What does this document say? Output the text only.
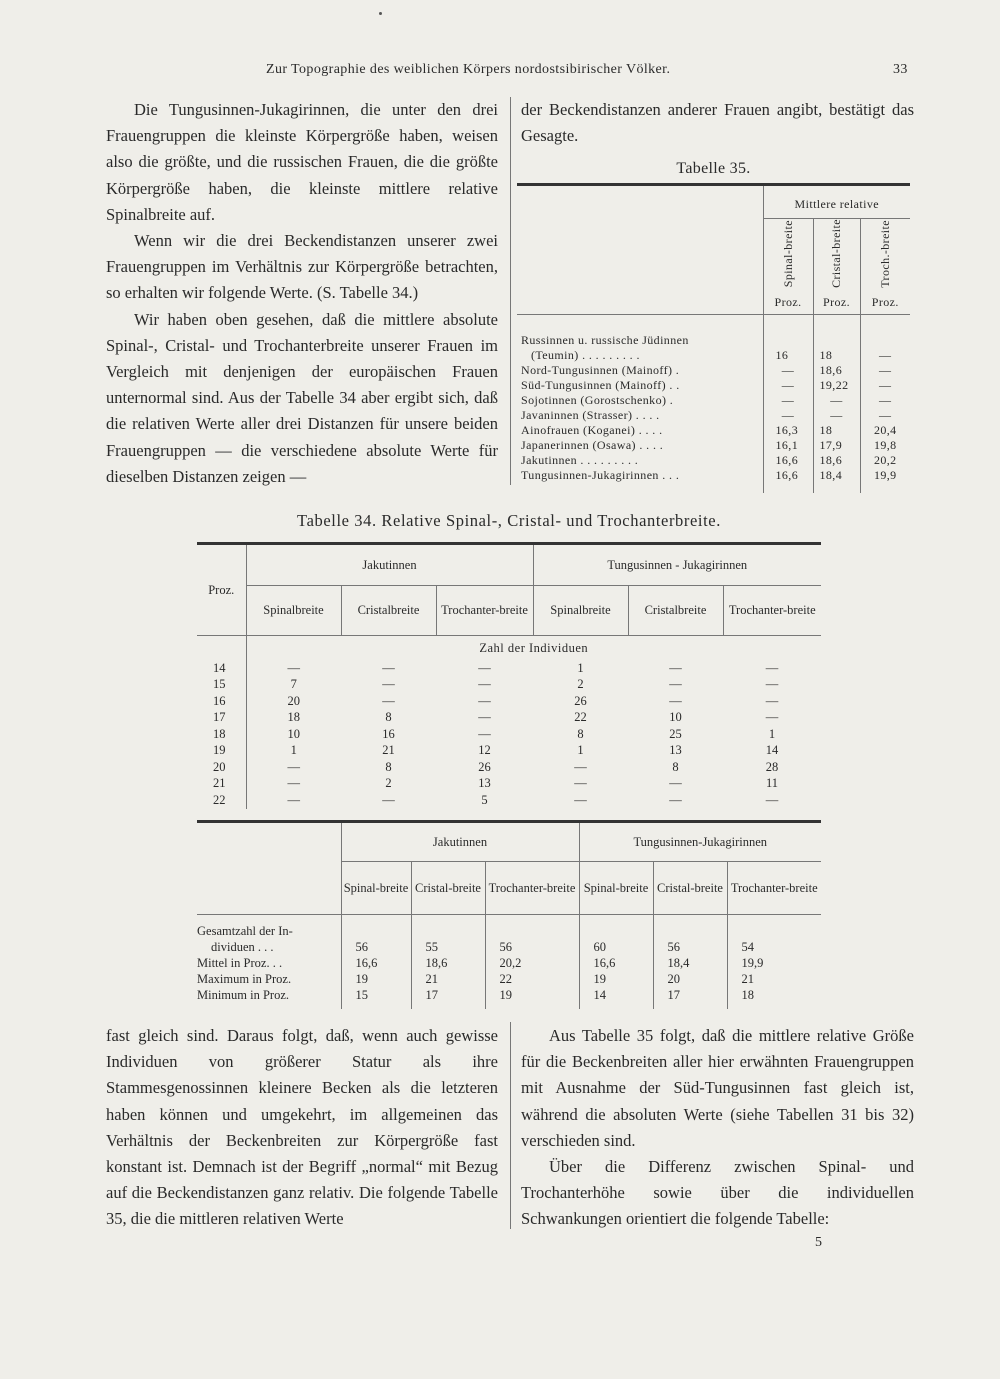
Zur Topographie des weiblichen Körpers nordostsibirischer Völker.	33

Die Tungusinnen-Jukagirinnen, die unter den drei Frauengruppen die kleinste Körpergröße haben, weisen also die größte, und die russischen Frauen, die die größte Körpergröße haben, die kleinste mittlere relative Spinalbreite auf.

Wenn wir die drei Beckendistanzen unserer zwei Frauengruppen im Verhältnis zur Körpergröße betrachten, so erhalten wir folgende Werte. (S. Tabelle 34.)

Wir haben oben gesehen, daß die mittlere absolute Spinal-, Cristal- und Trochanterbreite unserer Frauen im Vergleich mit denjenigen der europäischen Frauen unternormal sind. Aus der Tabelle 34 aber ergibt sich, daß die relativen Werte aller drei Distanzen für unsere beiden Frauengruppen — die verschiedene absolute Werte für dieselben Distanzen zeigen —

der Beckendistanzen anderer Frauen angibt, bestätigt das Gesagte.

Tabelle 35.
	Mittlere relative		
	Spinal-breite	Cristal-breite	Troch.-breite
	Proz.	Proz.	Proz.

Russinnen u. russische Jüdinnen
(Teumin) . . . . . . . . .	16	18	—
Nord-Tungusinnen (Mainoff) .	—	18,6	—
Süd-Tungusinnen (Mainoff) . .	—	19,22	—
Sojotinnen (Gorostschenko) .	—	—	—
Javaninnen (Strasser) . . . .	—	—	—
Ainofrauen (Koganei) . . . .	16,3	18	20,4
Japanerinnen (Osawa) . . . .	16,1	17,9	19,8
Jakutinnen . . . . . . . . .	16,6	18,6	20,2
Tungusinnen-Jukagirinnen . . .	16,6	18,4	19,9

Tabelle 34. Relative Spinal-, Cristal- und Trochanterbreite.
Proz.	Jakutinnen			Tungusinnen - Jukagirinnen		
	Spinalbreite	Cristalbreite	Trochanter-breite	Spinalbreite	Cristalbreite	Trochanter-breite
	Zahl der Individuen					
14	—	—	—	1	—	—
15	7	—	—	2	—	—
16	20	—	—	26	—	—
17	18	8	—	22	10	—
18	10	16	—	8	25	1
19	1	21	12	1	13	14
20	—	8	26	—	8	28
21	—	2	13	—	—	11
22	—	—	5	—	—	—
	Jakutinnen			Tungusinnen-Jukagirinnen		
	Spinal-breite	Cristal-breite	Trochanter-breite	Spinal-breite	Cristal-breite	Trochanter-breite

Gesamtzahl der In-
dividuen . . .	56	55	56	60	56	54
Mittel in Proz. . .	16,6	18,6	20,2	16,6	18,4	19,9
Maximum in Proz.	19	21	22	19	20	21
Minimum in Proz.	15	17	19	14	17	18

fast gleich sind. Daraus folgt, daß, wenn auch gewisse Individuen von größerer Statur als ihre Stammesgenossinnen kleinere Becken als die letzteren haben können und umgekehrt, im allgemeinen das Verhältnis der Beckenbreiten zur Körpergröße fast konstant ist. Demnach ist der Begriff „normal“ mit Bezug auf die Beckendistanzen ganz relativ. Die folgende Tabelle 35, die die mittleren relativen Werte

Aus Tabelle 35 folgt, daß die mittlere relative Größe für die Beckenbreiten aller hier erwähnten Frauengruppen mit Ausnahme der Süd-Tungusinnen fast gleich ist, während die absoluten Werte (siehe Tabellen 31 bis 32) verschieden sind.

Über die Differenz zwischen Spinal- und Trochanterhöhe sowie über die individuellen Schwankungen orientiert die folgende Tabelle:

5
